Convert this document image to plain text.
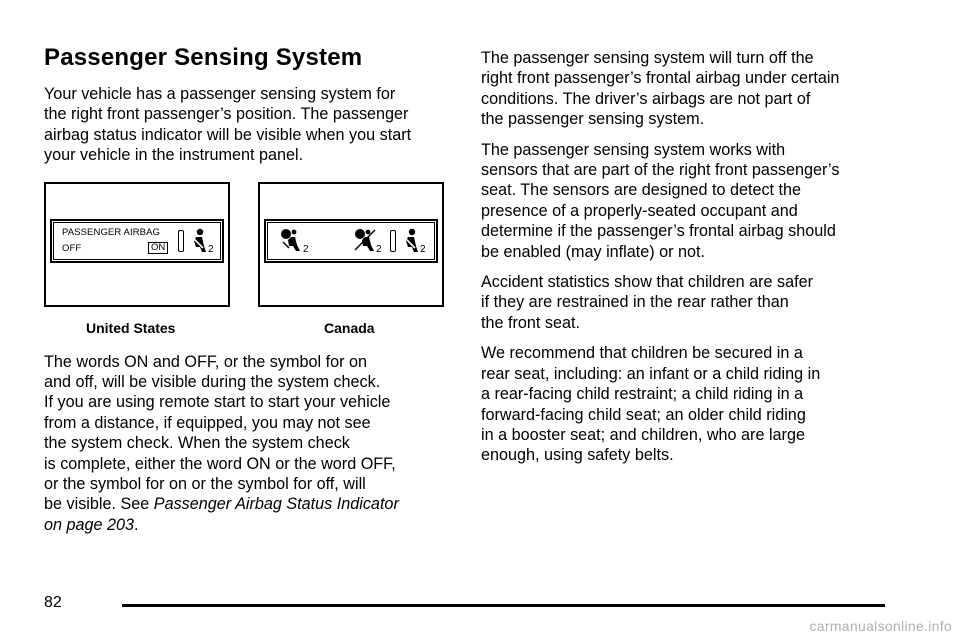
Passenger Sensing System

Your vehicle has a passenger sensing system for
the right front passenger’s position. The passenger
airbag status indicator will be visible when you start
your vehicle in the instrument panel.

PASSENGER AIRBAG
OFF	ON	2	2	2	2
United States	Canada

The words ON and OFF, or the symbol for on
and off, will be visible during the system check.
If you are using remote start to start your vehicle
from a distance, if equipped, you may not see
the system check. When the system check
is complete, either the word ON or the word OFF,
or the symbol for on or the symbol for off, will
be visible. See Passenger Airbag Status Indicator
on page 203.

The passenger sensing system will turn off the
right front passenger’s frontal airbag under certain
conditions. The driver’s airbags are not part of
the passenger sensing system.

The passenger sensing system works with
sensors that are part of the right front passenger’s
seat. The sensors are designed to detect the
presence of a properly-seated occupant and
determine if the passenger’s frontal airbag should
be enabled (may inflate) or not.

Accident statistics show that children are safer
if they are restrained in the rear rather than
the front seat.

We recommend that children be secured in a
rear seat, including: an infant or a child riding in
a rear-facing child restraint; a child riding in a
forward-facing child seat; an older child riding
in a booster seat; and children, who are large
enough, using safety belts.

82
carmanualsonline.info
